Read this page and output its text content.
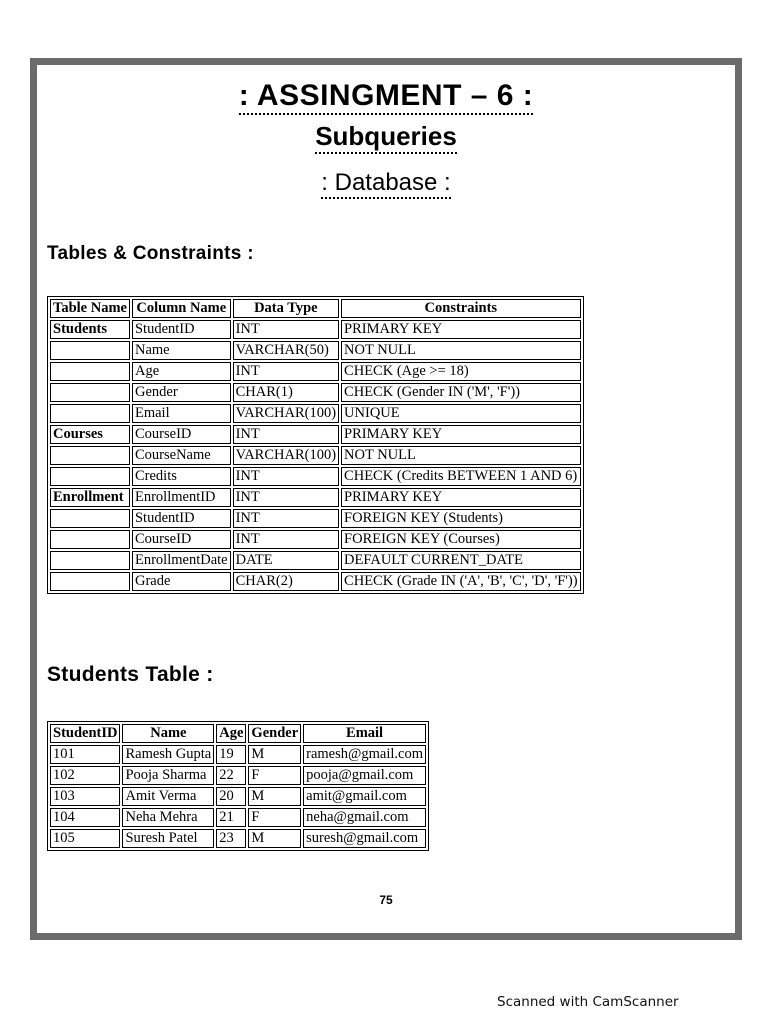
: ASSINGMENT – 6 :
Subqueries
: Database :
Tables & Constraints :
Table Name	Column Name	Data Type	Constraints
Students	StudentID	INT	PRIMARY KEY
	Name	VARCHAR(50)	NOT NULL
	Age	INT	CHECK (Age >= 18)
	Gender	CHAR(1)	CHECK (Gender IN ('M', 'F'))
	Email	VARCHAR(100)	UNIQUE
Courses	CourseID	INT	PRIMARY KEY
	CourseName	VARCHAR(100)	NOT NULL
	Credits	INT	CHECK (Credits BETWEEN 1 AND 6)
Enrollment	EnrollmentID	INT	PRIMARY KEY
	StudentID	INT	FOREIGN KEY (Students)
	CourseID	INT	FOREIGN KEY (Courses)
	EnrollmentDate	DATE	DEFAULT CURRENT_DATE
	Grade	CHAR(2)	CHECK (Grade IN ('A', 'B', 'C', 'D', 'F'))
Students Table :
StudentID	Name	Age	Gender	Email
101	Ramesh Gupta	19	M	ramesh@gmail.com
102	Pooja Sharma	22	F	pooja@gmail.com
103	Amit Verma	20	M	amit@gmail.com
104	Neha Mehra	21	F	neha@gmail.com
105	Suresh Patel	23	M	suresh@gmail.com
75
Scanned with CamScanner
